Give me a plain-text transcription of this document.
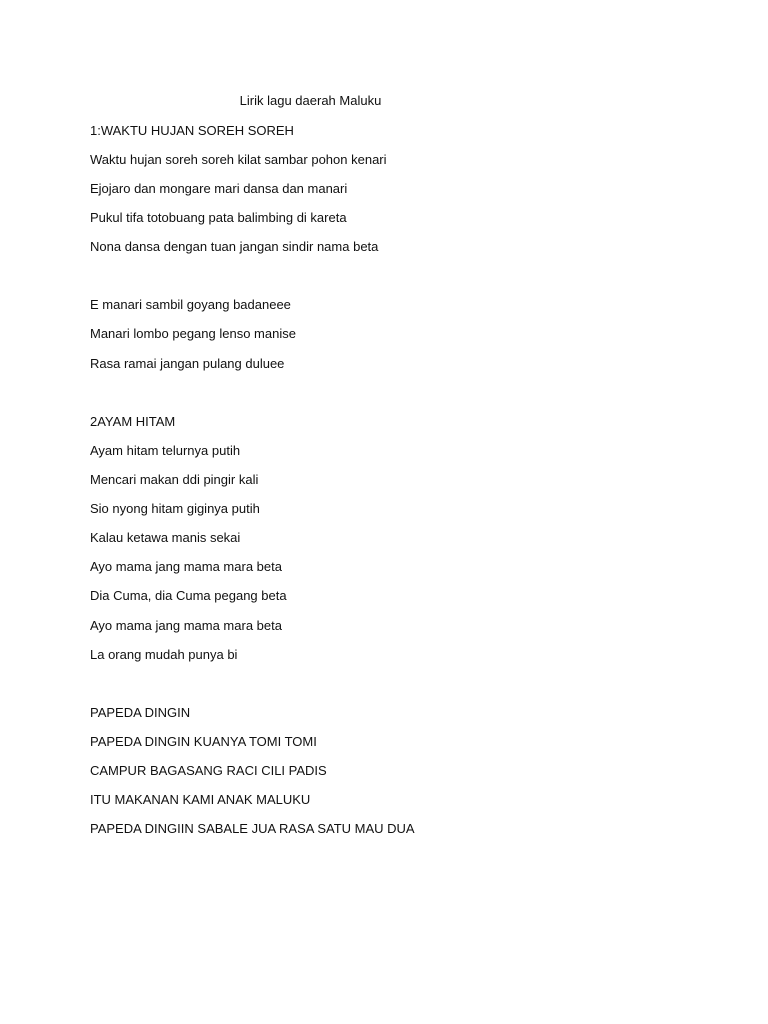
Lirik lagu daerah Maluku
1:WAKTU HUJAN SOREH SOREH
Waktu hujan soreh soreh kilat sambar pohon kenari
Ejojaro dan mongare mari dansa dan manari
Pukul tifa totobuang pata balimbing di kareta
Nona dansa dengan tuan jangan sindir nama beta
E manari sambil goyang badaneee
Manari lombo pegang lenso manise
Rasa ramai jangan pulang duluee
2AYAM HITAM
Ayam hitam telurnya putih
Mencari makan ddi pingir kali
Sio nyong hitam giginya putih
Kalau ketawa manis sekai
Ayo mama jang mama mara beta
Dia Cuma, dia Cuma pegang beta
Ayo mama jang mama mara beta
La orang mudah punya bi
PAPEDA DINGIN
PAPEDA DINGIN KUANYA TOMI TOMI
CAMPUR BAGASANG RACI CILI PADIS
ITU MAKANAN KAMI ANAK MALUKU
PAPEDA DINGIIN SABALE JUA RASA SATU MAU DUA
